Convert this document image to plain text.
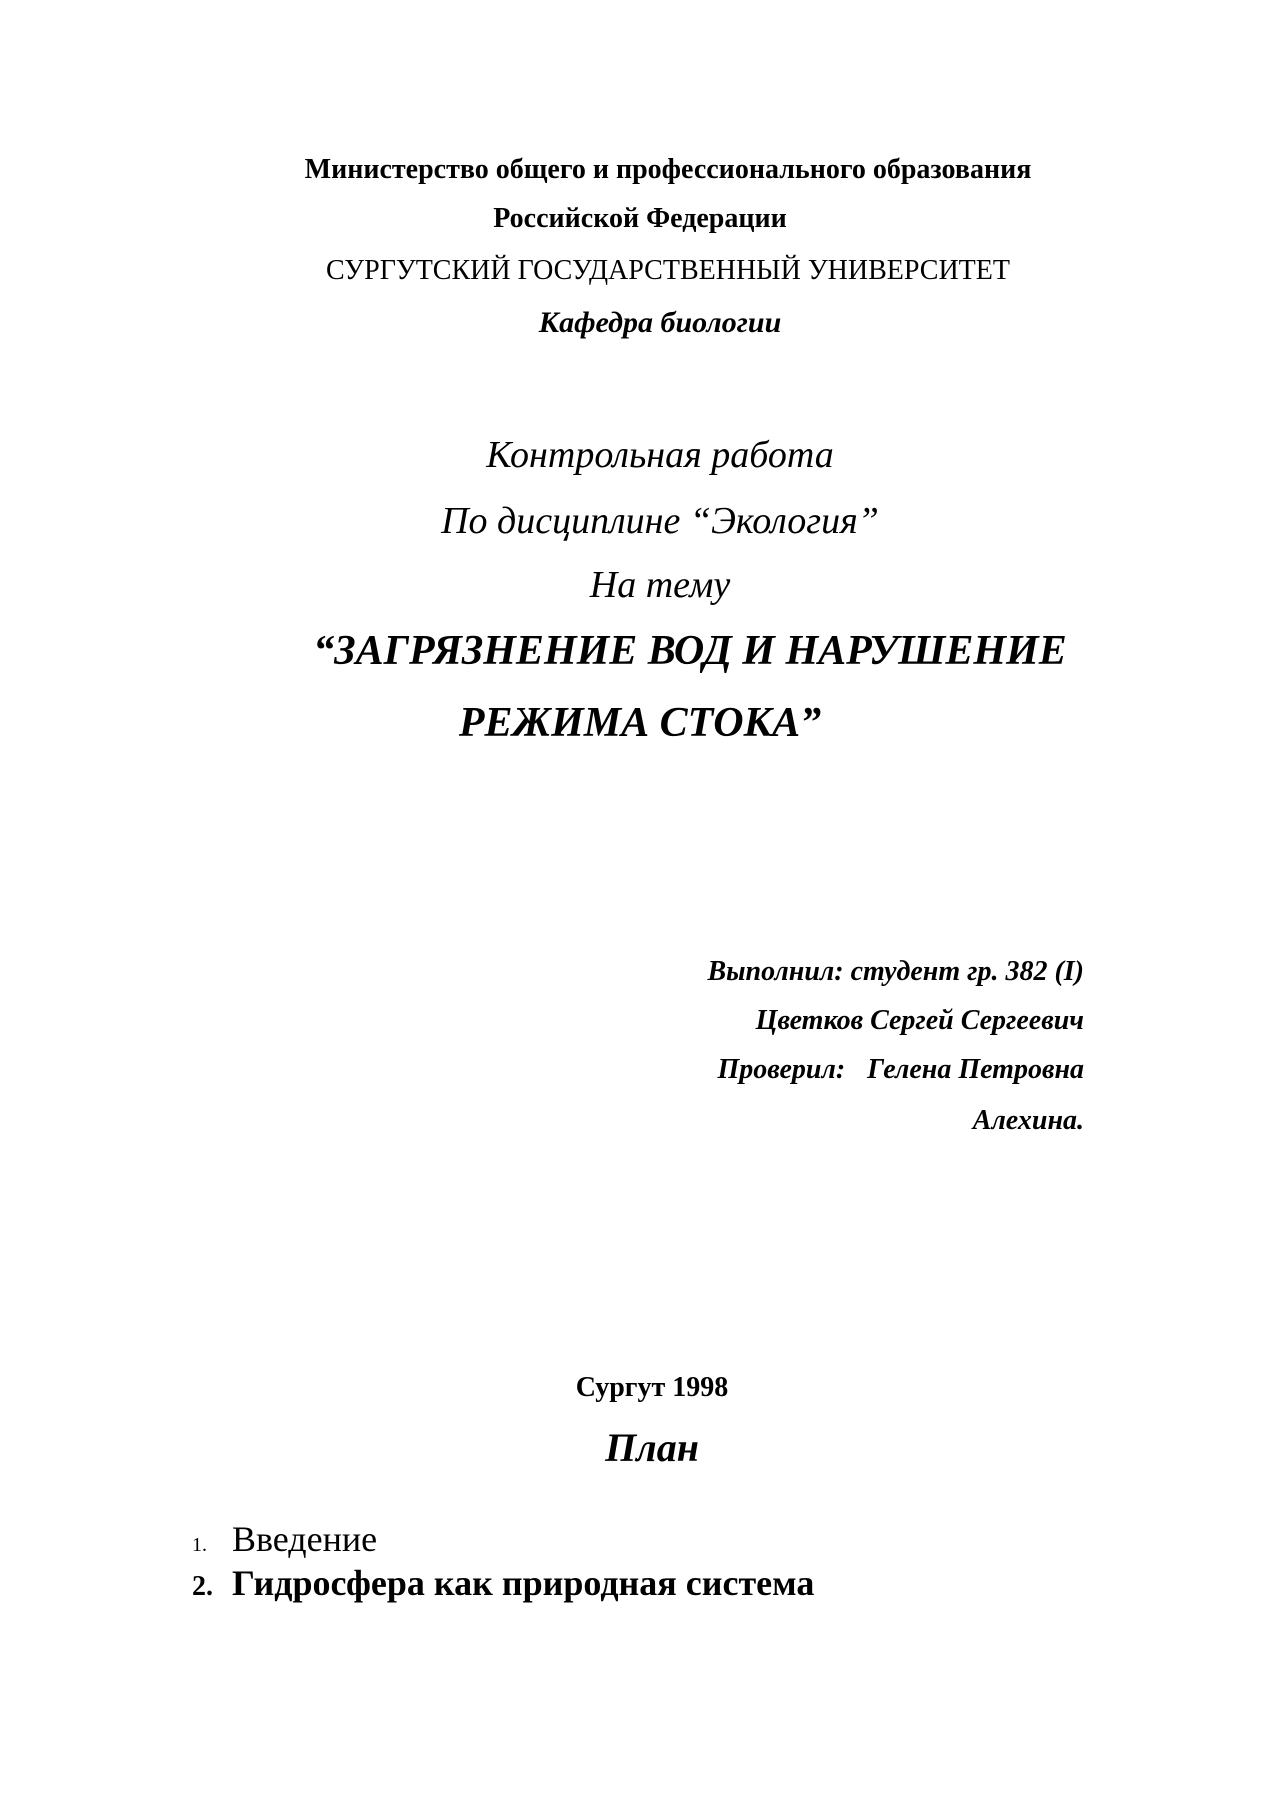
Министерство общего и профессионального образования
Российской Федерации
СУРГУТСКИЙ ГОСУДАРСТВЕННЫЙ УНИВЕРСИТЕТ
Кафедра биологии
Контрольная работа
По дисциплине “Экология”
На тему
“ЗАГРЯЗНЕНИЕ ВОД И НАРУШЕНИЕ
РЕЖИМА СТОКА”
Выполнил: студент гр. 382 (I)
Цветков Сергей Сергеевич
Проверил: Гелена Петровна
Алехина.
Сургут 1998
План
1. Введение
2. Гидросфера как природная система
